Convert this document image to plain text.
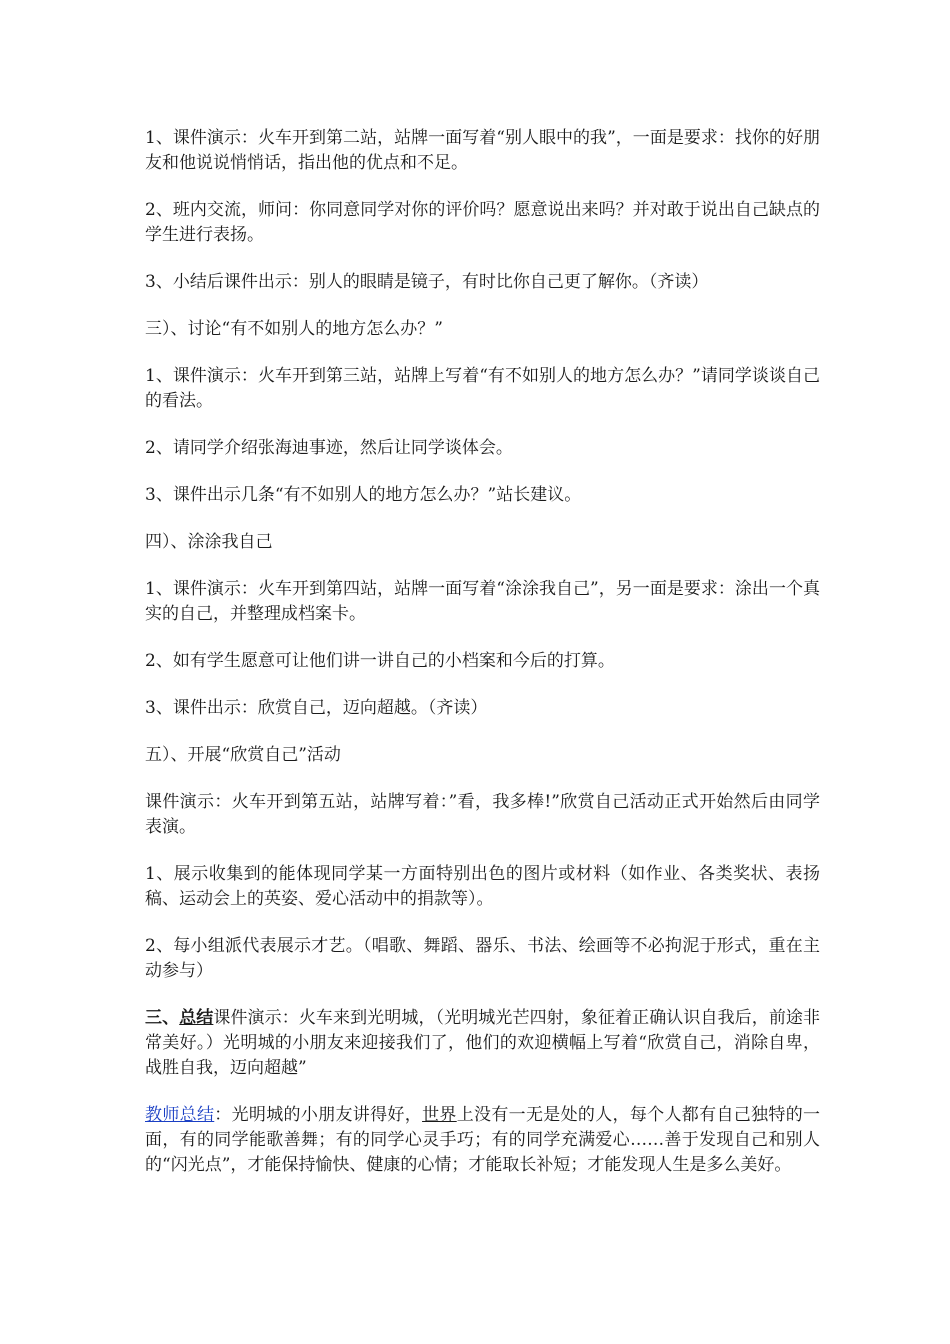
1、课件演示：火车开到第二站，站牌一面写着“别人眼中的我”，一面是要求：找你的好朋友和他说说悄悄话，指出他的优点和不足。

2、班内交流，师问：你同意同学对你的评价吗？愿意说出来吗？并对敢于说出自己缺点的学生进行表扬。

3、小结后课件出示：别人的眼睛是镜子，有时比你自己更了解你。（齐读）

三）、讨论“有不如别人的地方怎么办？”

1、课件演示：火车开到第三站，站牌上写着“有不如别人的地方怎么办？”请同学谈谈自己的看法。

2、请同学介绍张海迪事迹，然后让同学谈体会。

3、课件出示几条“有不如别人的地方怎么办？”站长建议。

四）、涂涂我自己

1、课件演示：火车开到第四站，站牌一面写着“涂涂我自己”，另一面是要求：涂出一个真实的自己，并整理成档案卡。

2、如有学生愿意可让他们讲一讲自己的小档案和今后的打算。

3、课件出示：欣赏自己，迈向超越。（齐读）

五）、开展“欣赏自己”活动

课件演示：火车开到第五站，站牌写着：”看，我多棒!”欣赏自己活动正式开始然后由同学表演。

1、展示收集到的能体现同学某一方面特别出色的图片或材料（如作业、各类奖状、表扬稿、运动会上的英姿、爱心活动中的捐款等）。

2、每小组派代表展示才艺。（唱歌、舞蹈、器乐、书法、绘画等不必拘泥于形式，重在主动参与）

三、总结课件演示：火车来到光明城，（光明城光芒四射，象征着正确认识自我后，前途非常美好。）光明城的小朋友来迎接我们了，他们的欢迎横幅上写着“欣赏自己，消除自卑，战胜自我，迈向超越”

教师总结：光明城的小朋友讲得好，世界上没有一无是处的人，每个人都有自己独特的一面，有的同学能歌善舞；有的同学心灵手巧；有的同学充满爱心……善于发现自己和别人的“闪光点”，才能保持愉快、健康的心情；才能取长补短；才能发现人生是多么美好。
